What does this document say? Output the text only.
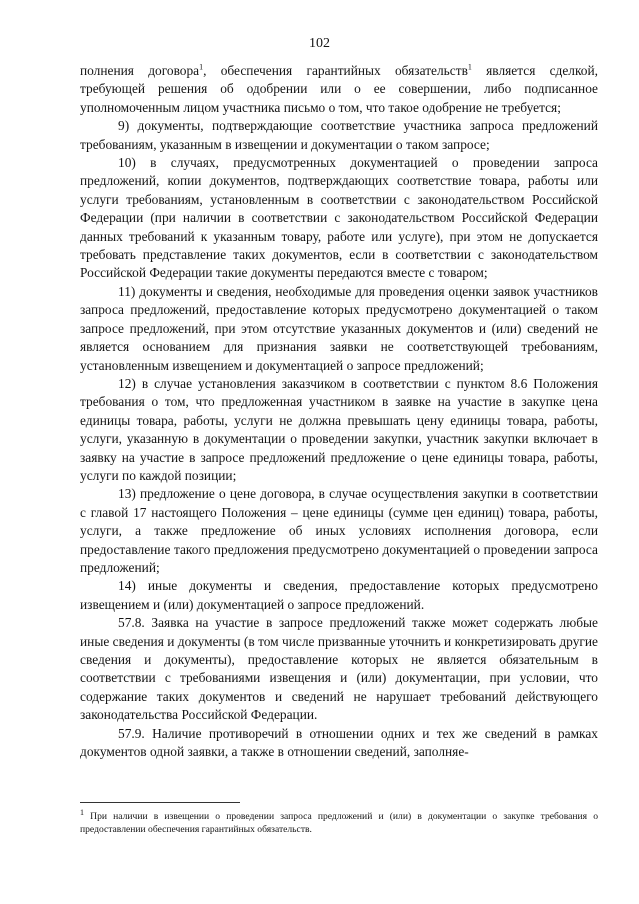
102

полнения договора$^1$, обеспечения гарантийных обязательств$^1$ является сделкой, требующей решения об одобрении или о ее совершении, либо подписанное уполномоченным лицом участника письмо о том, что такое одобрение не требуется;

9) документы, подтверждающие соответствие участника запроса предложений требованиям, указанным в извещении и документации о таком запросе;

10) в случаях, предусмотренных документацией о проведении запроса предложений, копии документов, подтверждающих соответствие товара, работы или услуги требованиям, установленным в соответствии с законодательством Российской Федерации (при наличии в соответствии с законодательством Российской Федерации данных требований к указанным товару, работе или услуге), при этом не допускается требовать представление таких документов, если в соответствии с законодательством Российской Федерации такие документы передаются вместе с товаром;

11) документы и сведения, необходимые для проведения оценки заявок участников запроса предложений, предоставление которых предусмотрено документацией о таком запросе предложений, при этом отсутствие указанных документов и (или) сведений не является основанием для признания заявки не соответствующей требованиям, установленным извещением и документацией о запросе предложений;

12) в случае установления заказчиком в соответствии с пунктом 8.6 Положения требования о том, что предложенная участником в заявке на участие в закупке цена единицы товара, работы, услуги не должна превышать цену единицы товара, работы, услуги, указанную в документации о проведении закупки, участник закупки включает в заявку на участие в запросе предложений предложение о цене единицы товара, работы, услуги по каждой позиции;

13) предложение о цене договора, в случае осуществления закупки в соответствии с главой 17 настоящего Положения – цене единицы (сумме цен единиц) товара, работы, услуги, а также предложение об иных условиях исполнения договора, если предоставление такого предложения предусмотрено документацией о проведении запроса предложений;

14) иные документы и сведения, предоставление которых предусмотрено извещением и (или) документацией о запросе предложений.

57.8. Заявка на участие в запросе предложений также может содержать любые иные сведения и документы (в том числе призванные уточнить и конкретизировать другие сведения и документы), предоставление которых не является обязательным в соответствии с требованиями извещения и (или) документации, при условии, что содержание таких документов и сведений не нарушает требований действующего законодательства Российской Федерации.

57.9. Наличие противоречий в отношении одних и тех же сведений в рамках документов одной заявки, а также в отношении сведений, заполняе-

$^1$ При наличии в извещении о проведении запроса предложений и (или) в документации о закупке требования о предоставлении обеспечения гарантийных обязательств.
